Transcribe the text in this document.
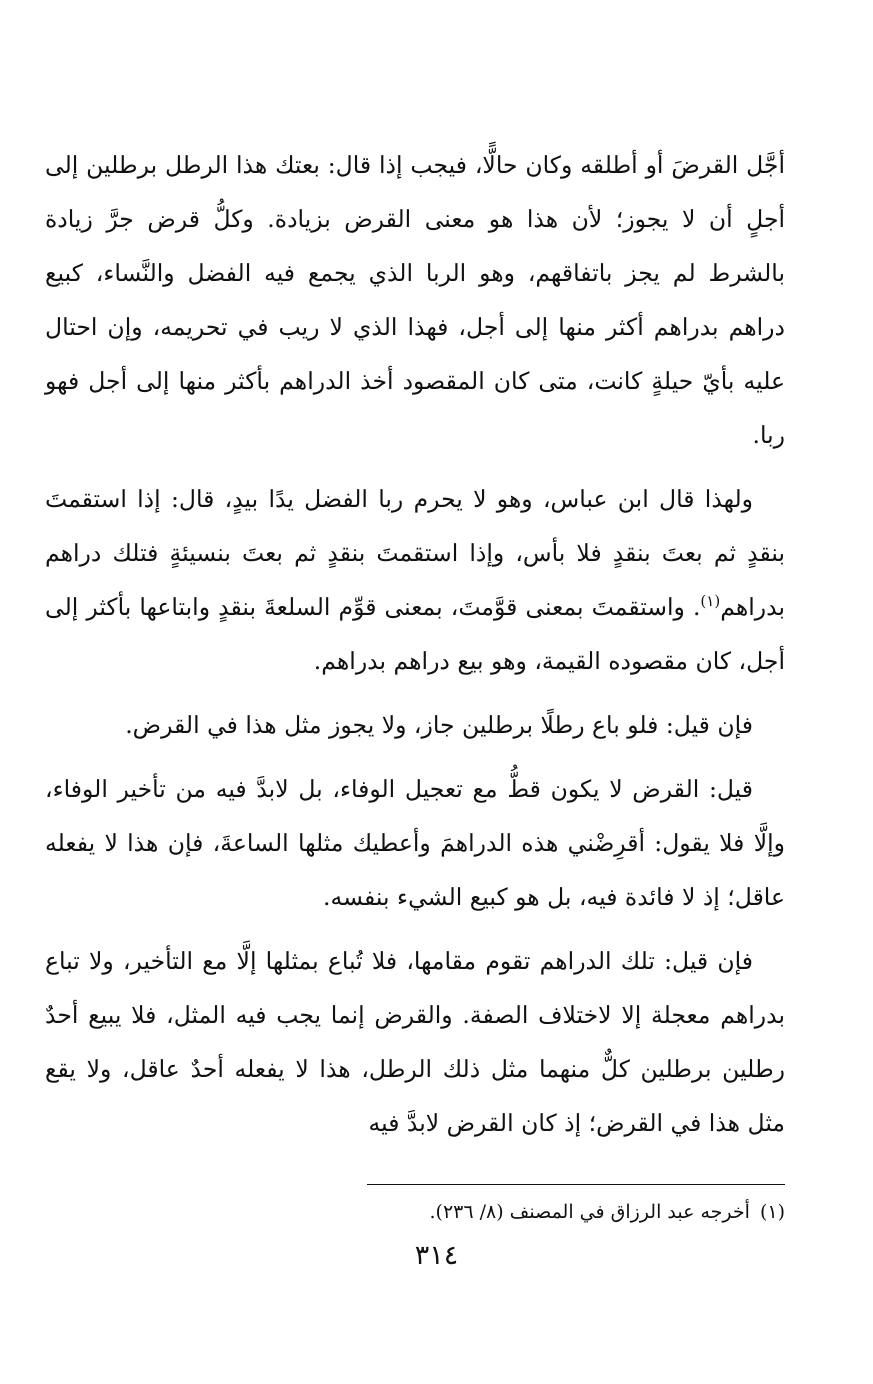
أجَّل القرضَ أو أطلقه وكان حالًّا، فيجب إذا قال: بعتك هذا الرطل برطلين إلى أجلٍ أن لا يجوز؛ لأن هذا هو معنى القرض بزيادة. وكلُّ قرض جرَّ زيادة بالشرط لم يجز باتفاقهم، وهو الربا الذي يجمع فيه الفضل والنَّساء، كبيع دراهم بدراهم أكثر منها إلى أجل، فهذا الذي لا ريب في تحريمه، وإن احتال عليه بأيّ حيلةٍ كانت، متى كان المقصود أخذ الدراهم بأكثر منها إلى أجل فهو ربا.

ولهذا قال ابن عباس، وهو لا يحرم ربا الفضل يدًا بيدٍ، قال: إذا استقمتَ بنقدٍ ثم بعتَ بنقدٍ فلا بأس، وإذا استقمتَ بنقدٍ ثم بعتَ بنسيئةٍ فتلك دراهم بدراهم$^{(١)}$. واستقمتَ بمعنى قوَّمتَ، بمعنى قوِّم السلعةَ بنقدٍ وابتاعها بأكثر إلى أجل، كان مقصوده القيمة، وهو بيع دراهم بدراهم.

فإن قيل: فلو باع رطلًا برطلين جاز، ولا يجوز مثل هذا في القرض.

قيل: القرض لا يكون قطُّ مع تعجيل الوفاء، بل لابدَّ فيه من تأخير الوفاء، وإلَّا فلا يقول: أقرِضْني هذه الدراهمَ وأعطيك مثلها الساعةَ، فإن هذا لا يفعله عاقل؛ إذ لا فائدة فيه، بل هو كبيع الشيء بنفسه.

فإن قيل: تلك الدراهم تقوم مقامها، فلا تُباع بمثلها إلَّا مع التأخير، ولا تباع بدراهم معجلة إلا لاختلاف الصفة. والقرض إنما يجب فيه المثل، فلا يبيع أحدٌ رطلين برطلين كلٌّ منهما مثل ذلك الرطل، هذا لا يفعله أحدٌ عاقل، ولا يقع مثل هذا في القرض؛ إذ كان القرض لابدَّ فيه

(١)أخرجه عبد الرزاق في المصنف (٨/ ٢٣٦).
٣١٤
